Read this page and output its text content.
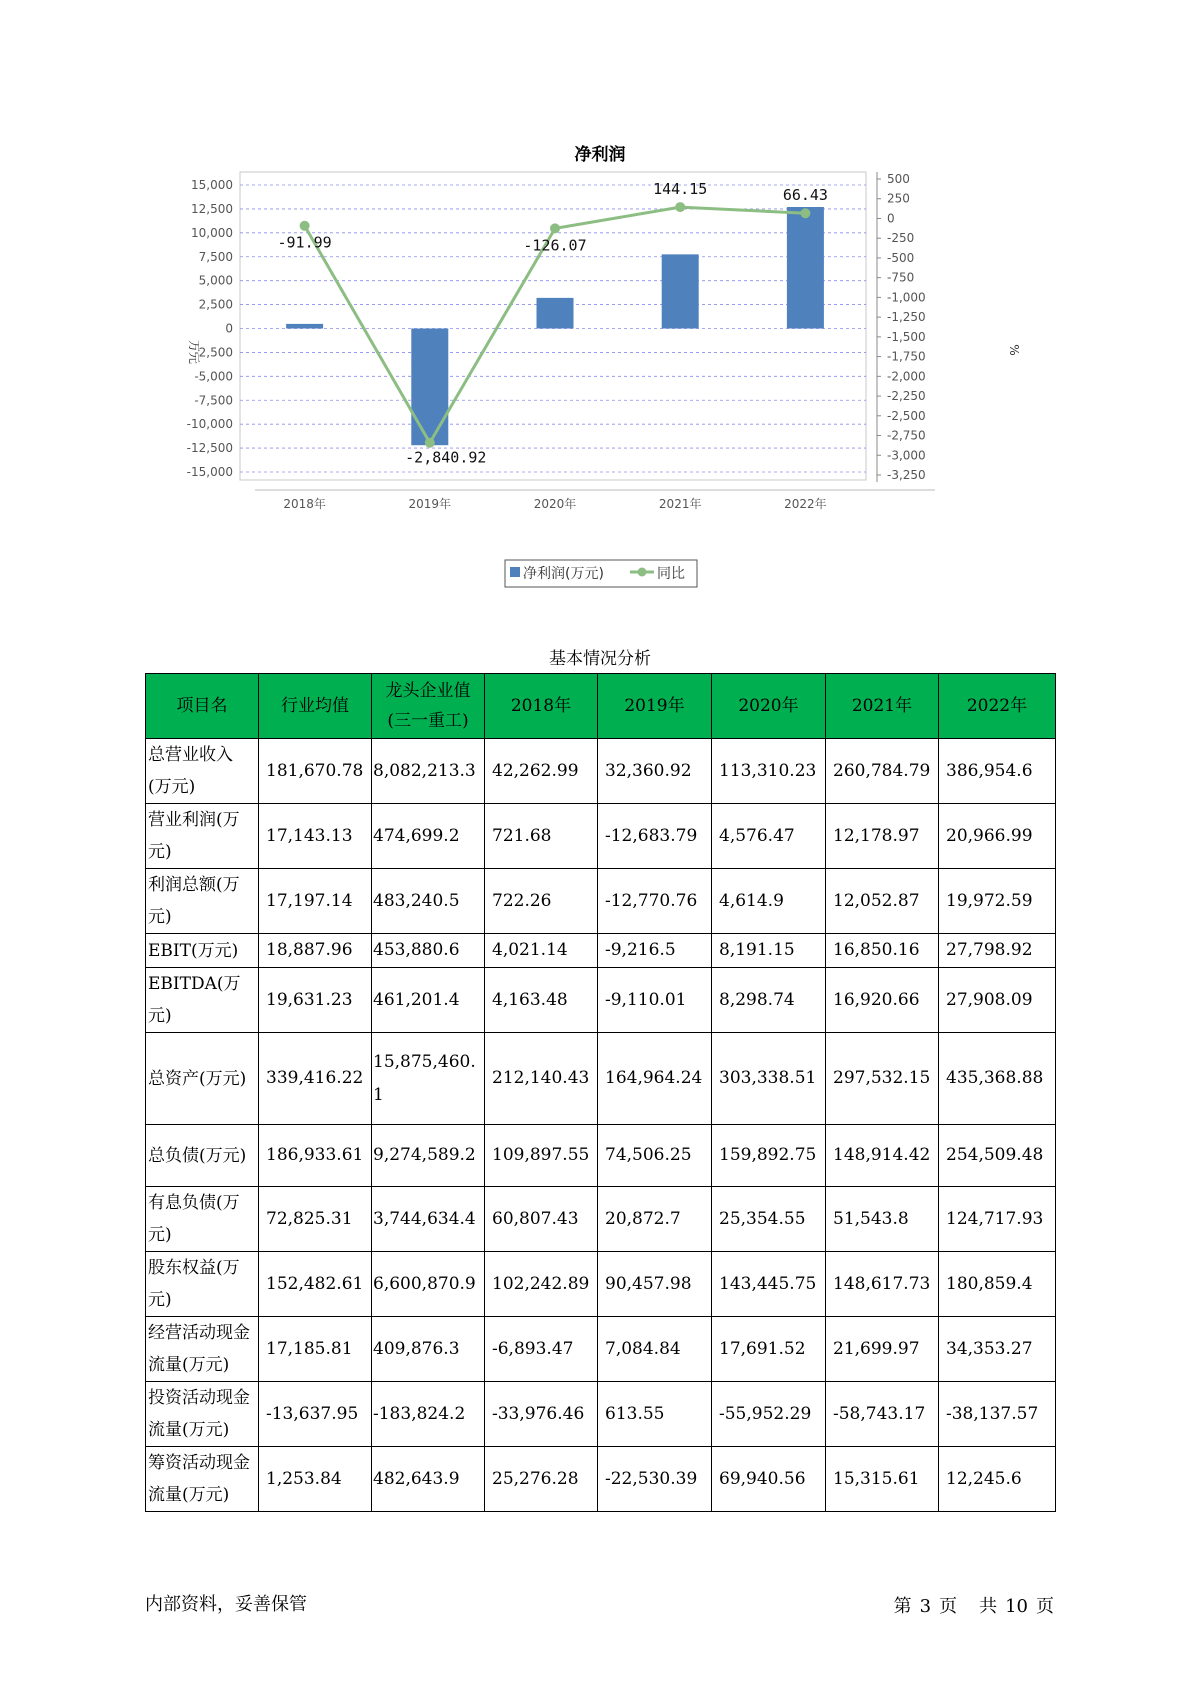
净利润
-91.99
-2,840.92
-126.07
144.15	66.43
15,000
12,500
10,000
7,500
5,000
2,500
0
-2,500
-5,000
-7,500
-10,000
-12,500
-15,000
500
250
0
-250
-500
-750
-1,000
-1,250
-1,500
-1,750
-2,000
-2,250
-2,500
-2,750
-3,000
-3,250
2018年	2019年	2020年	2021年	2022年
万元	%
净利润(万元)	同比
基本情况分析
项目名	行业均值	龙头企业值(三一重工)	2018年	2019年	2020年	2021年	2022年
总营业收入(万元)	181,670.78	8,082,213.3	42,262.99	32,360.92	113,310.23	260,784.79	386,954.6
营业利润(万元)	17,143.13	474,699.2	721.68	-12,683.79	4,576.47	12,178.97	20,966.99
利润总额(万元)	17,197.14	483,240.5	722.26	-12,770.76	4,614.9	12,052.87	19,972.59
EBIT(万元)	18,887.96	453,880.6	4,021.14	-9,216.5	8,191.15	16,850.16	27,798.92
EBITDA(万元)	19,631.23	461,201.4	4,163.48	-9,110.01	8,298.74	16,920.66	27,908.09
总资产(万元)	339,416.22	15,875,460.1	212,140.43	164,964.24	303,338.51	297,532.15	435,368.88
总负债(万元)	186,933.61	9,274,589.2	109,897.55	74,506.25	159,892.75	148,914.42	254,509.48
有息负债(万元)	72,825.31	3,744,634.4	60,807.43	20,872.7	25,354.55	51,543.8	124,717.93
股东权益(万元)	152,482.61	6,600,870.9	102,242.89	90,457.98	143,445.75	148,617.73	180,859.4
经营活动现金流量(万元)	17,185.81	409,876.3	-6,893.47	7,084.84	17,691.52	21,699.97	34,353.27
投资活动现金流量(万元)	-13,637.95	-183,824.2	-33,976.46	613.55	-55,952.29	-58,743.17	-38,137.57
筹资活动现金流量(万元)	1,253.84	482,643.9	25,276.28	-22,530.39	69,940.56	15,315.61	12,245.6
内部资料，妥善保管	第 3 页 共 10 页
